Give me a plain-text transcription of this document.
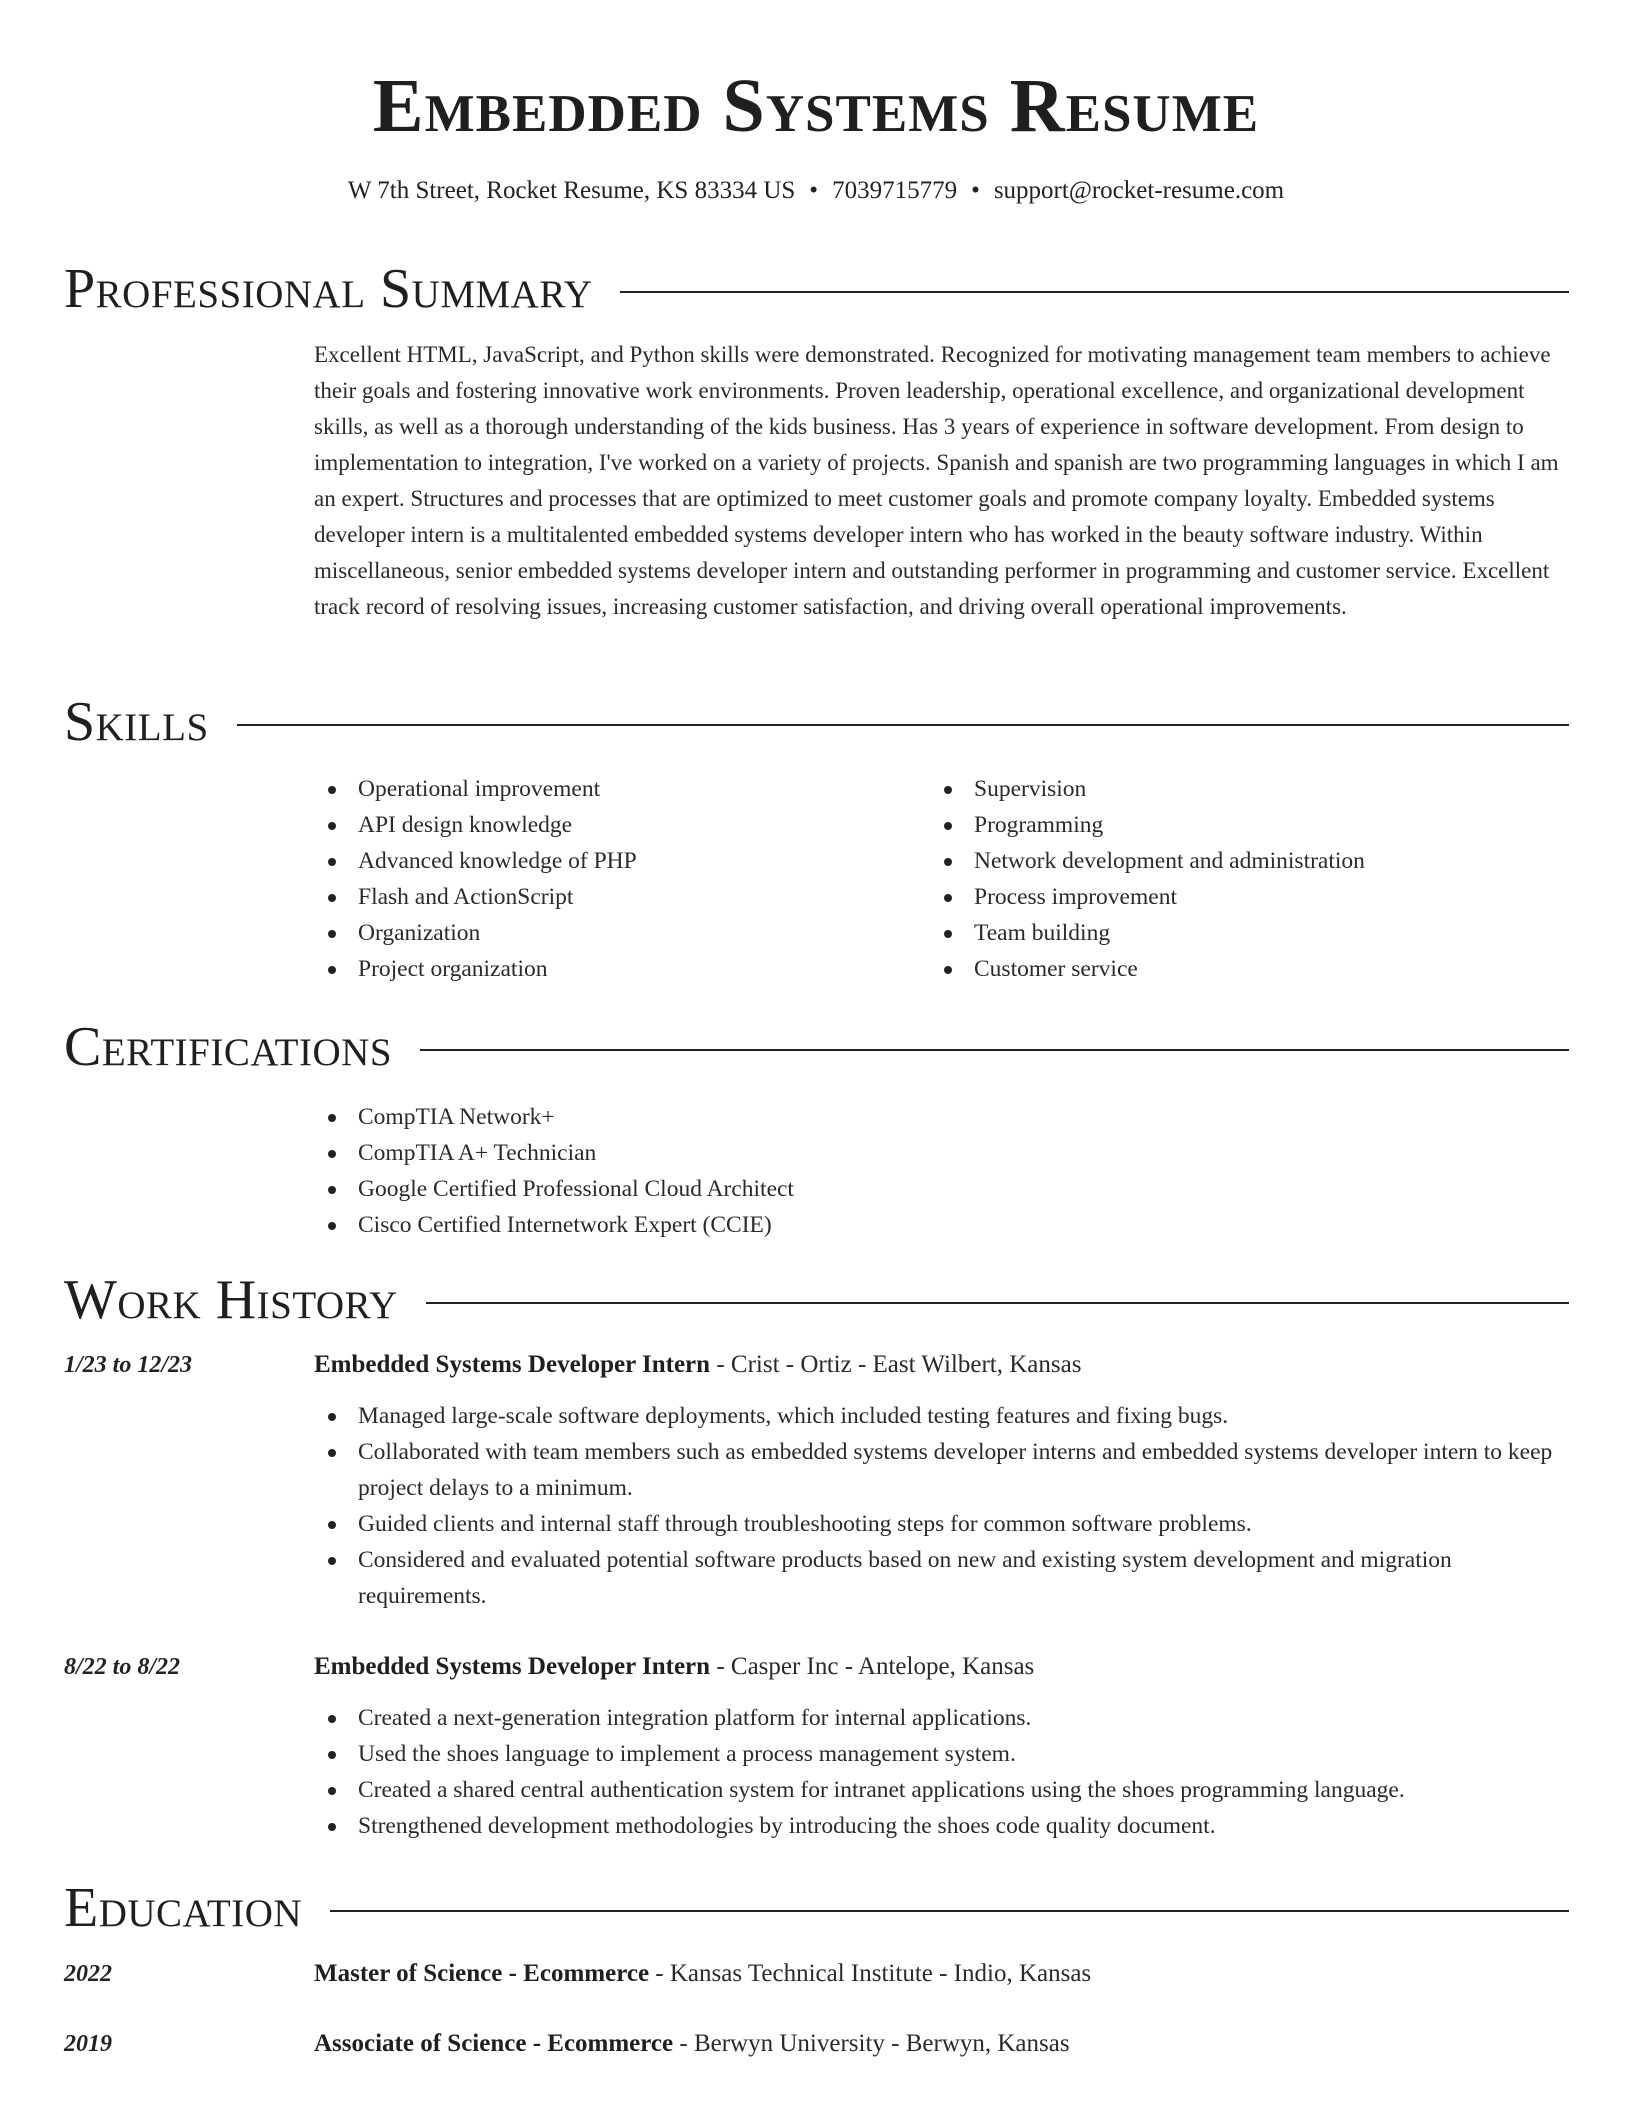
Embedded Systems Resume
W 7th Street, Rocket Resume, KS 83334 US • 7039715779 • support@rocket-resume.com
Professional Summary

Excellent HTML, JavaScript, and Python skills were demonstrated. Recognized for motivating management team members to achieve their goals and fostering innovative work environments. Proven leadership, operational excellence, and organizational development skills, as well as a thorough understanding of the kids business. Has 3 years of experience in software development. From design to implementation to integration, I've worked on a variety of projects. Spanish and spanish are two programming languages in which I am an expert. Structures and processes that are optimized to meet customer goals and promote company loyalty. Embedded systems developer intern is a multitalented embedded systems developer intern who has worked in the beauty software industry. Within miscellaneous, senior embedded systems developer intern and outstanding performer in programming and customer service. Excellent track record of resolving issues, increasing customer satisfaction, and driving overall operational improvements.

Skills
Operational improvement
API design knowledge
Advanced knowledge of PHP
Flash and ActionScript
Organization
Project organization
Supervision
Programming
Network development and administration
Process improvement
Team building
Customer service
Certifications
CompTIA Network+
CompTIA A+ Technician
Google Certified Professional Cloud Architect
Cisco Certified Internetwork Expert (CCIE)
Work History
1/23 to 12/23	Embedded Systems Developer Intern - Crist - Ortiz - East Wilbert, Kansas
Managed large-scale software deployments, which included testing features and fixing bugs.
Collaborated with team members such as embedded systems developer interns and embedded systems developer intern to keep project delays to a minimum.
Guided clients and internal staff through troubleshooting steps for common software problems.
Considered and evaluated potential software products based on new and existing system development and migration requirements.
8/22 to 8/22	Embedded Systems Developer Intern - Casper Inc - Antelope, Kansas
Created a next-generation integration platform for internal applications.
Used the shoes language to implement a process management system.
Created a shared central authentication system for intranet applications using the shoes programming language.
Strengthened development methodologies by introducing the shoes code quality document.
Education
2022	Master of Science - Ecommerce - Kansas Technical Institute - Indio, Kansas
2019	Associate of Science - Ecommerce - Berwyn University - Berwyn, Kansas
